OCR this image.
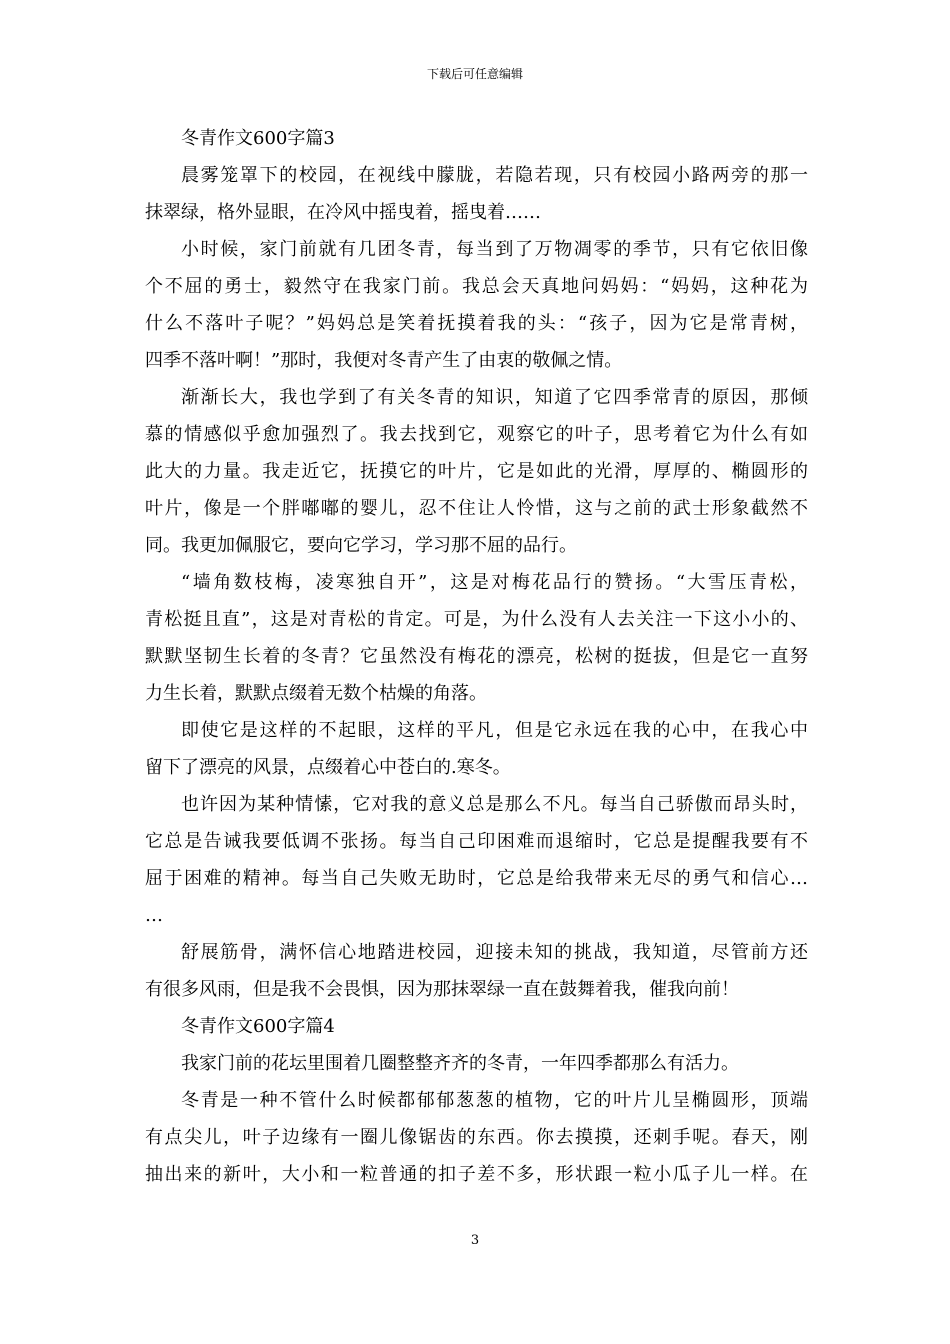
下载后可任意编辑
冬青作文600字篇3
晨雾笼罩下的校园，在视线中朦胧，若隐若现，只有校园小路两旁的那一
抹翠绿，格外显眼，在冷风中摇曳着，摇曳着……
小时候，家门前就有几团冬青，每当到了万物凋零的季节，只有它依旧像
个不屈的勇士，毅然守在我家门前。我总会天真地问妈妈：“妈妈，这种花为
什么不落叶子呢？”妈妈总是笑着抚摸着我的头：“孩子，因为它是常青树，
四季不落叶啊！”那时，我便对冬青产生了由衷的敬佩之情。
渐渐长大，我也学到了有关冬青的知识，知道了它四季常青的原因，那倾
慕的情感似乎愈加强烈了。我去找到它，观察它的叶子，思考着它为什么有如
此大的力量。我走近它，抚摸它的叶片，它是如此的光滑，厚厚的、椭圆形的
叶片，像是一个胖嘟嘟的婴儿，忍不住让人怜惜，这与之前的武士形象截然不
同。我更加佩服它，要向它学习，学习那不屈的品行。
“墙角数枝梅，凌寒独自开”，这是对梅花品行的赞扬。“大雪压青松，
青松挺且直”，这是对青松的肯定。可是，为什么没有人去关注一下这小小的、
默默坚韧生长着的冬青？它虽然没有梅花的漂亮，松树的挺拔，但是它一直努
力生长着，默默点缀着无数个枯燥的角落。
即使它是这样的不起眼，这样的平凡，但是它永远在我的心中，在我心中
留下了漂亮的风景，点缀着心中苍白的.寒冬。
也许因为某种情愫，它对我的意义总是那么不凡。每当自己骄傲而昂头时，
它总是告诫我要低调不张扬。每当自己印困难而退缩时，它总是提醒我要有不
屈于困难的精神。每当自己失败无助时，它总是给我带来无尽的勇气和信心…
…
舒展筋骨，满怀信心地踏进校园，迎接未知的挑战，我知道，尽管前方还
有很多风雨，但是我不会畏惧，因为那抹翠绿一直在鼓舞着我，催我向前！
冬青作文600字篇4
我家门前的花坛里围着几圈整整齐齐的冬青，一年四季都那么有活力。
冬青是一种不管什么时候都郁郁葱葱的植物，它的叶片儿呈椭圆形，顶端
有点尖儿，叶子边缘有一圈儿像锯齿的东西。你去摸摸，还刺手呢。春天，刚
抽出来的新叶，大小和一粒普通的扣子差不多，形状跟一粒小瓜子儿一样。在
3
